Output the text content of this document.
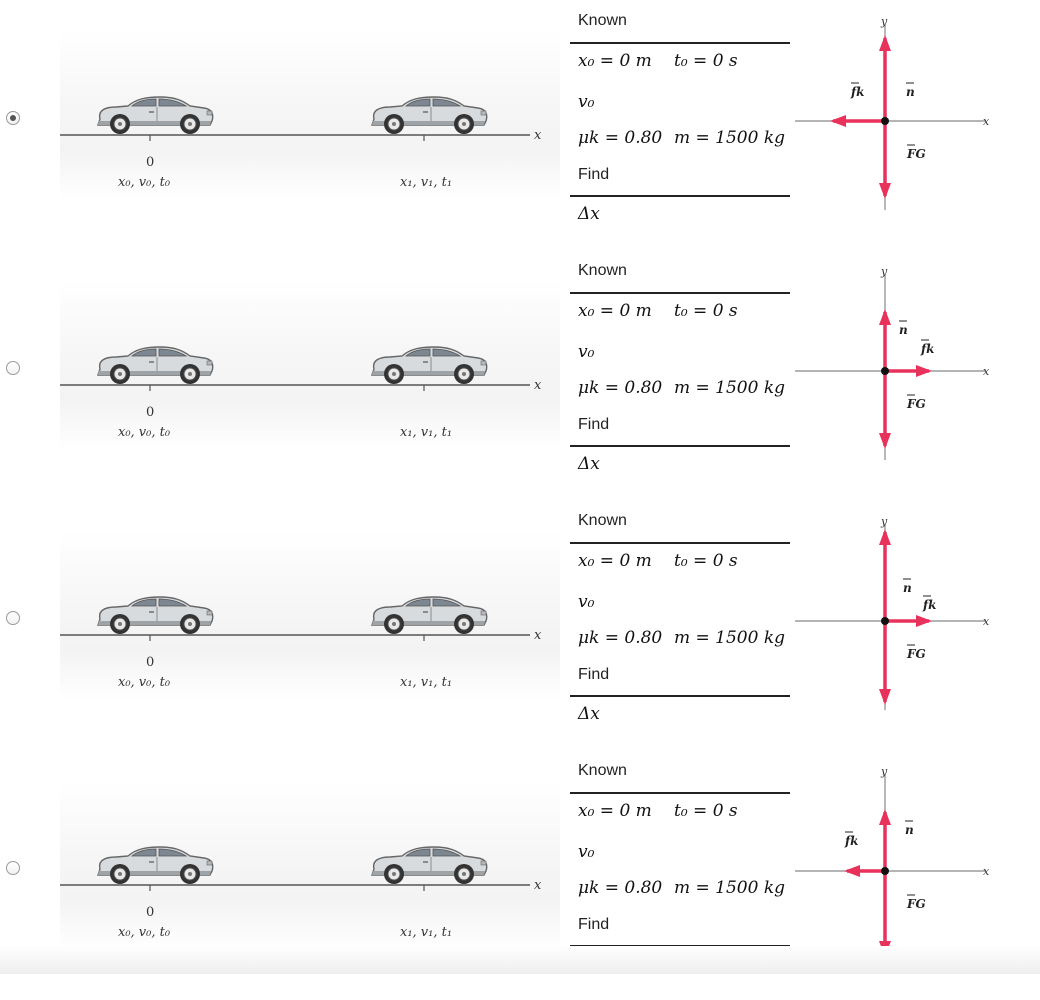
x
0
x₀, v₀, t₀	x₁, v₁, t₁
Known
x₀ = 0 m t₀ = 0 s
v₀
μk = 0.80 m = 1500 kg
Find
Δx
x
y
n
fk
FG
x
0
x₀, v₀, t₀	x₁, v₁, t₁
Known
x₀ = 0 m t₀ = 0 s
v₀
μk = 0.80 m = 1500 kg
Find
Δx
x
y
n
fk
FG
x
0
x₀, v₀, t₀	x₁, v₁, t₁
Known
x₀ = 0 m t₀ = 0 s
v₀
μk = 0.80 m = 1500 kg
Find
Δx
x
y
n
fk
FG
x
0
x₀, v₀, t₀	x₁, v₁, t₁
Known
x₀ = 0 m t₀ = 0 s
v₀
μk = 0.80 m = 1500 kg
Find
x
y
n
fk
FG
